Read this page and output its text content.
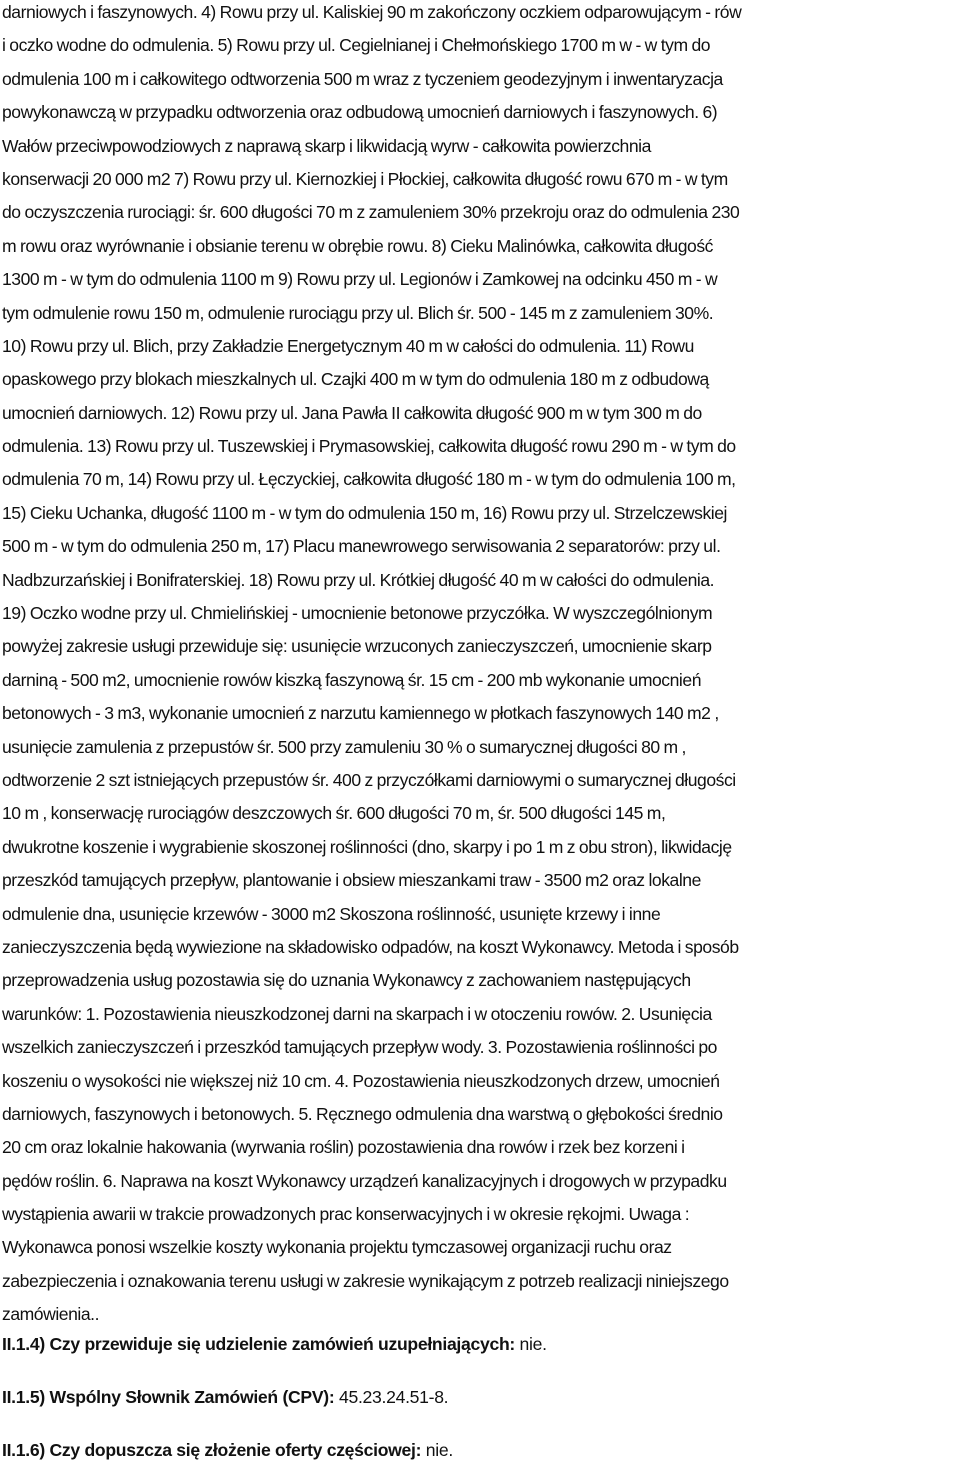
darniowych i faszynowych. 4) Rowu przy ul. Kaliskiej 90 m zakończony oczkiem odparowującym - rów
i oczko wodne do odmulenia. 5) Rowu przy ul. Cegielnianej i Chełmońskiego 1700 m w - w tym do
odmulenia 100 m i całkowitego odtworzenia 500 m wraz z tyczeniem geodezyjnym i inwentaryzacja
powykonawczą w przypadku odtworzenia oraz odbudową umocnień darniowych i faszynowych. 6)
Wałów przeciwpowodziowych z naprawą skarp i likwidacją wyrw - całkowita powierzchnia
konserwacji 20 000 m2 7) Rowu przy ul. Kiernozkiej i Płockiej, całkowita długość rowu 670 m - w tym
do oczyszczenia rurociągi: śr. 600 długości 70 m z zamuleniem 30% przekroju oraz do odmulenia 230
m rowu oraz wyrównanie i obsianie terenu w obrębie rowu. 8) Cieku Malinówka, całkowita długość
1300 m - w tym do odmulenia 1100 m 9) Rowu przy ul. Legionów i Zamkowej na odcinku 450 m - w
tym odmulenie rowu 150 m, odmulenie rurociągu przy ul. Blich śr. 500 - 145 m z zamuleniem 30%.
10) Rowu przy ul. Blich, przy Zakładzie Energetycznym 40 m w całości do odmulenia. 11) Rowu
opaskowego przy blokach mieszkalnych ul. Czajki 400 m w tym do odmulenia 180 m z odbudową
umocnień darniowych. 12) Rowu przy ul. Jana Pawła II całkowita długość 900 m w tym 300 m do
odmulenia. 13) Rowu przy ul. Tuszewskiej i Prymasowskiej, całkowita długość rowu 290 m - w tym do
odmulenia 70 m, 14) Rowu przy ul. Łęczyckiej, całkowita długość 180 m - w tym do odmulenia 100 m,
15) Cieku Uchanka, długość 1100 m - w tym do odmulenia 150 m, 16) Rowu przy ul. Strzelczewskiej
500 m - w tym do odmulenia 250 m, 17) Placu manewrowego serwisowania 2 separatorów: przy ul.
Nadbzurzańskiej i Bonifraterskiej. 18) Rowu przy ul. Krótkiej długość 40 m w całości do odmulenia.
19) Oczko wodne przy ul. Chmielińskiej - umocnienie betonowe przyczółka. W wyszczególnionym
powyżej zakresie usługi przewiduje się: usunięcie wrzuconych zanieczyszczeń, umocnienie skarp
darniną - 500 m2, umocnienie rowów kiszką faszynową śr. 15 cm - 200 mb wykonanie umocnień
betonowych - 3 m3, wykonanie umocnień z narzutu kamiennego w płotkach faszynowych 140 m2 ,
usunięcie zamulenia z przepustów śr. 500 przy zamuleniu 30 % o sumarycznej długości 80 m ,
odtworzenie 2 szt istniejących przepustów śr. 400 z przyczółkami darniowymi o sumarycznej długości
10 m , konserwację rurociągów deszczowych śr. 600 długości 70 m, śr. 500 długości 145 m,
dwukrotne koszenie i wygrabienie skoszonej roślinności (dno, skarpy i po 1 m z obu stron), likwidację
przeszkód tamujących przepływ, plantowanie i obsiew mieszankami traw - 3500 m2 oraz lokalne
odmulenie dna, usunięcie krzewów - 3000 m2 Skoszona roślinność, usunięte krzewy i inne
zanieczyszczenia będą wywiezione na składowisko odpadów, na koszt Wykonawcy. Metoda i sposób
przeprowadzenia usług pozostawia się do uznania Wykonawcy z zachowaniem następujących
warunków: 1. Pozostawienia nieuszkodzonej darni na skarpach i w otoczeniu rowów. 2. Usunięcia
wszelkich zanieczyszczeń i przeszkód tamujących przepływ wody. 3. Pozostawienia roślinności po
koszeniu o wysokości nie większej niż 10 cm. 4. Pozostawienia nieuszkodzonych drzew, umocnień
darniowych, faszynowych i betonowych. 5. Ręcznego odmulenia dna warstwą o głębokości średnio
20 cm oraz lokalnie hakowania (wyrwania roślin) pozostawienia dna rowów i rzek bez korzeni i
pędów roślin. 6. Naprawa na koszt Wykonawcy urządzeń kanalizacyjnych i drogowych w przypadku
wystąpienia awarii w trakcie prowadzonych prac konserwacyjnych i w okresie rękojmi. Uwaga :
Wykonawca ponosi wszelkie koszty wykonania projektu tymczasowej organizacji ruchu oraz
zabezpieczenia i oznakowania terenu usługi w zakresie wynikającym z potrzeb realizacji niniejszego
zamówienia..

II.1.4) Czy przewiduje się udzielenie zamówień uzupełniających: nie.

II.1.5) Wspólny Słownik Zamówień (CPV): 45.23.24.51-8.

II.1.6) Czy dopuszcza się złożenie oferty częściowej: nie.
